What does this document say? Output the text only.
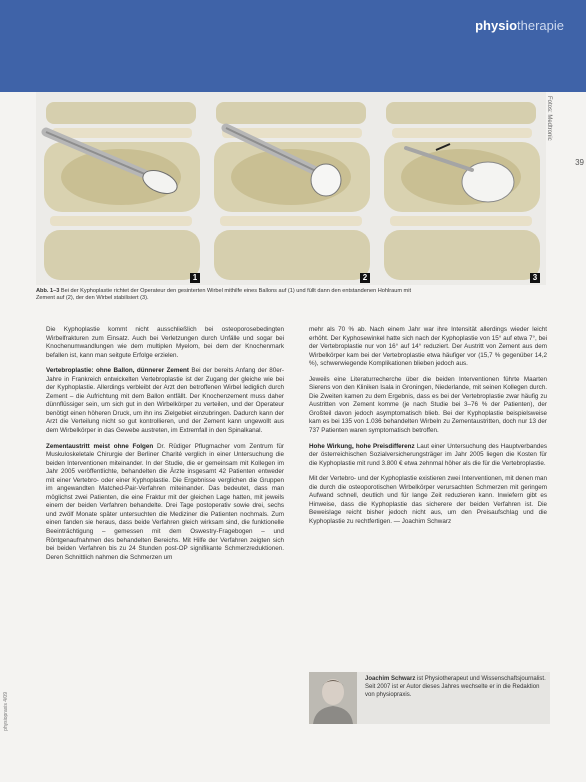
physiotherapie
Fotos: Medtronic
39
1	2	3
Abb. 1–3 Bei der Kyphoplastie richtet der Operateur den gesinterten Wirbel mithilfe eines Ballons auf (1) und füllt dann den entstandenen Hohlraum mit Zement auf (2), der den Wirbel stabilisiert (3).

Die Kyphoplastie kommt nicht ausschließlich bei osteoporosebedingten Wirbelfrakturen zum Einsatz. Auch bei Verletzungen durch Unfälle und sogar bei Knochenumwandlungen wie dem multiplen Myelom, bei dem der Knochenmark befallen ist, kann man seitgute Erfolge erzielen.

Vertebroplastie: ohne Ballon, dünnerer Zement Bei der bereits Anfang der 80er-Jahre in Frankreich entwickelten Vertebroplastie ist der Zugang der gleiche wie bei der Kyphoplastie. Allerdings verbleibt der Arzt den betroffenen Wirbel lediglich durch Zement – die Aufrichtung mit dem Ballon entfällt. Der Knochenzement muss daher dünnflüssiger sein, um sich gut in den Wirbelkörper zu verteilen, und der Operateur benötigt einen höheren Druck, um ihn ins Zielgebiet einzubringen. Dadurch kann der Arzt die Verteilung nicht so gut kontrollieren, und der Zement kann ungewollt aus dem Wirbelkörper in das Gewebe austreten, im Extremfall in den Spinalkanal.

Zementaustritt meist ohne Folgen Dr. Rüdiger Pflugmacher vom Zentrum für Muskuloskeletale Chirurgie der Berliner Charité verglich in einer Untersuchung die beiden Interventionen miteinander. In der Studie, die er gemeinsam mit Kollegen im Jahr 2005 veröffentlichte, behandelten die Ärzte insgesamt 42 Patienten entweder mit einer Vertebro- oder einer Kyphoplastie. Die Ergebnisse verglichen die Gruppen im angewandten Matched-Pair-Verfahren miteinander. Das bedeutet, dass man möglichst zwei Patienten, die eine Fraktur mit der gleichen Lage hatten, mit jeweils einem der beiden Verfahren behandelte. Drei Tage postoperativ sowie drei, sechs und zwölf Monate später untersuchten die Mediziner die Patienten nochmals. Zum einen fanden sie heraus, dass beide Verfahren gleich wirksam sind, die funktionelle Beeinträchtigung – gemessen mit dem Oswestry-Fragebogen – und Röntgenaufnahmen des behandelten Bereichs. Mit Hilfe der Verfahren zeigten sich bei beiden Verfahren bis zu 24 Stunden post-OP signifikante Schmerzreduktionen. Deren Schnittlich nahmen die Schmerzen um

mehr als 70 % ab. Nach einem Jahr war ihre Intensität allerdings wieder leicht erhöht. Der Kyphosewinkel hatte sich nach der Kyphoplastie von 15° auf etwa 7°, bei der Vertebroplastie nur von 16° auf 14° reduziert. Der Austritt von Zement aus dem Wirbelkörper kam bei der Vertebroplastie etwa häufiger vor (15,7 % gegenüber 14,2 %), schwerwiegende Komplikationen blieben jedoch aus.

Jeweils eine Literaturrecherche über die beiden Interventionen führte Maarten Sierens von den Kliniken Isala in Groningen, Niederlande, mit seinen Kollegen durch. Die Zweiten kamen zu dem Ergebnis, dass es bei der Vertebroplastie zwar häufig zu Austritten von Zement komme (je nach Studie bei 3–76 % der Patienten), der Großteil davon jedoch asymptomatisch blieb. Bei der Kyphoplastie beispielsweise kam es bei 135 von 1.036 behandelten Wirbeln zu Zementaustritten, doch nur 13 der 737 Patienten waren symptomatisch betroffen.

Hohe Wirkung, hohe Preisdifferenz Laut einer Untersuchung des Hauptverbandes der österreichischen Sozialversicherungsträger im Jahr 2005 liegen die Kosten für die Kyphoplastie mit rund 3.800 € etwa zehnmal höher als die für die Vertebroplastie.

Mit der Vertebro- und der Kyphoplastie existieren zwei Interventionen, mit denen man die durch die osteoporotischen Wirbelkörper verursachten Schmerzen mit geringem Aufwand schnell, deutlich und für lange Zeit reduzieren kann. Inwiefern gibt es Hinweise, dass die Kyphoplastie das sicherere der beiden Verfahren ist. Die Beweislage reicht bisher jedoch nicht aus, um den Preisaufschlag und die Kyphoplastie zu rechtfertigen. — Joachim Schwarz

Joachim Schwarz ist Physiotherapeut und Wissenschaftsjournalist. Seit 2007 ist er Autor dieses Jahres wechselte er in die Redaktion von physiopraxis.
physiopraxis 4/09
